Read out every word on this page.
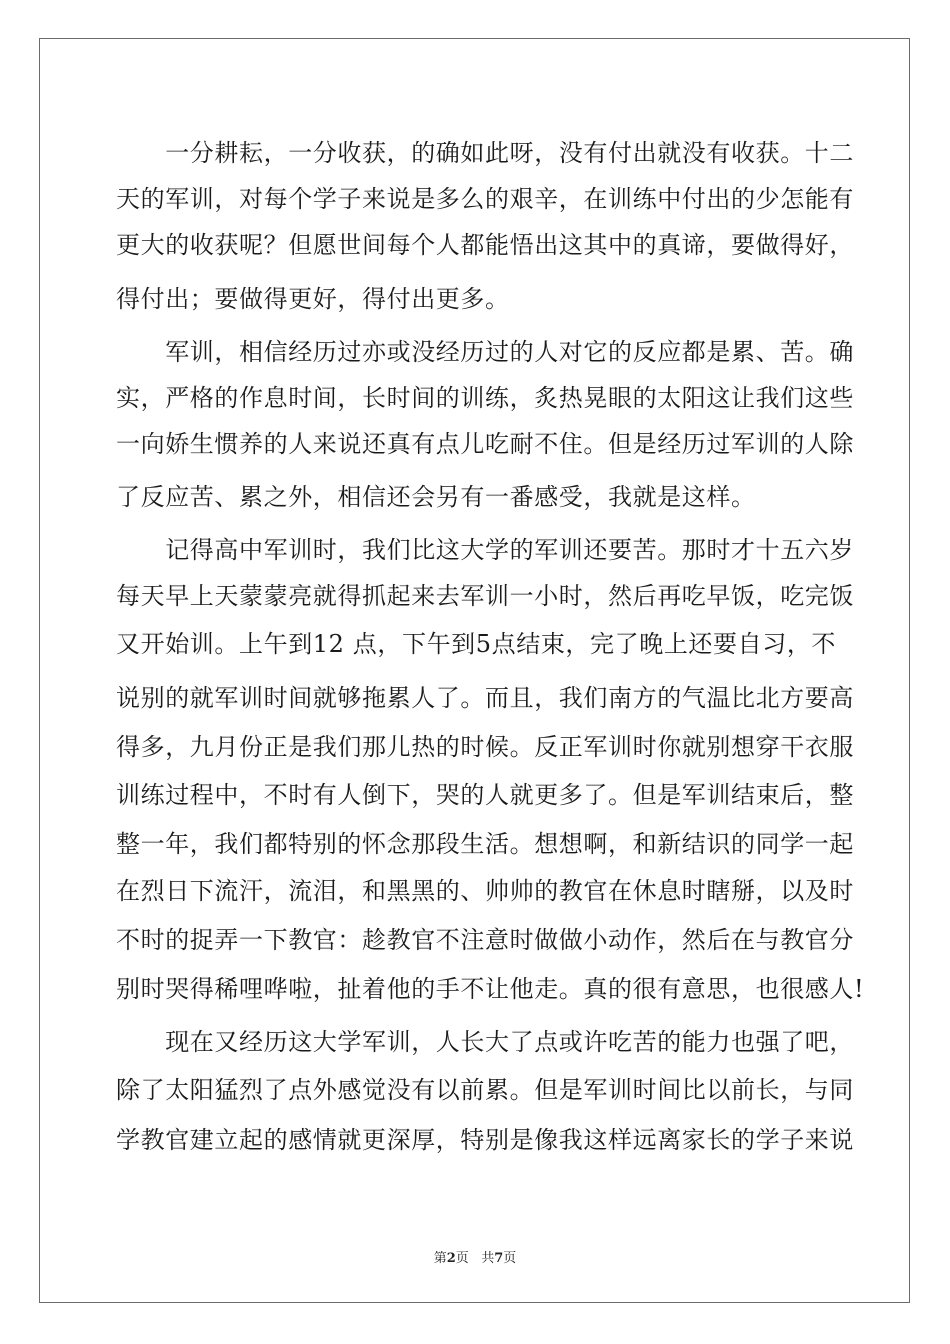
　　一分耕耘，一分收获，的确如此呀，没有付出就没有收获。十二
天的军训，对每个学子来说是多么的艰辛，在训练中付出的少怎能有
更大的收获呢？但愿世间每个人都能悟出这其中的真谛，要做得好，
得付出；要做得更好，得付出更多。
　　军训，相信经历过亦或没经历过的人对它的反应都是累、苦。确
实，严格的作息时间，长时间的训练，炙热晃眼的太阳这让我们这些
一向娇生惯养的人来说还真有点儿吃耐不住。但是经历过军训的人除
了反应苦、累之外，相信还会另有一番感受，我就是这样。
　　记得高中军训时，我们比这大学的军训还要苦。那时才十五六岁
每天早上天蒙蒙亮就得抓起来去军训一小时，然后再吃早饭，吃完饭
又开始训。上午到12 点，下午到5点结束，完了晚上还要自习，不
说别的就军训时间就够拖累人了。而且，我们南方的气温比北方要高
得多，九月份正是我们那儿热的时候。反正军训时你就别想穿干衣服
训练过程中，不时有人倒下，哭的人就更多了。但是军训结束后，整
整一年，我们都特别的怀念那段生活。想想啊，和新结识的同学一起
在烈日下流汗，流泪，和黑黑的、帅帅的教官在休息时瞎掰，以及时
不时的捉弄一下教官：趁教官不注意时做做小动作，然后在与教官分
别时哭得稀哩哗啦，扯着他的手不让他走。真的很有意思，也很感人!
　　现在又经历这大学军训，人长大了点或许吃苦的能力也强了吧，
除了太阳猛烈了点外感觉没有以前累。但是军训时间比以前长，与同
学教官建立起的感情就更深厚，特别是像我这样远离家长的学子来说
第2页 共7页
